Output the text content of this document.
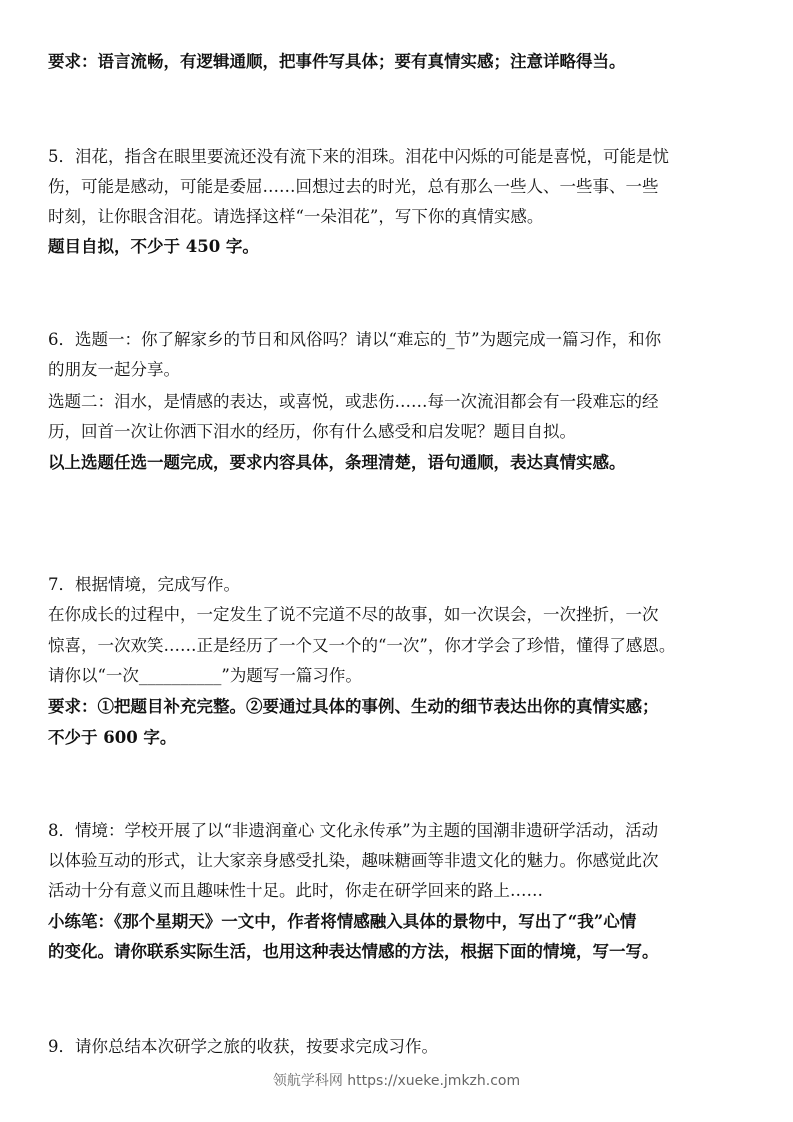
要求：语言流畅，有逻辑通顺，把事件写具体；要有真情实感；注意详略得当。
5．泪花，指含在眼里要流还没有流下来的泪珠。泪花中闪烁的可能是喜悦，可能是忧
伤，可能是感动，可能是委屈……回想过去的时光，总有那么一些人、一些事、一些
时刻，让你眼含泪花。请选择这样“一朵泪花”，写下你的真情实感。
题目自拟，不少于 450 字。
6．选题一：你了解家乡的节日和风俗吗？请以“难忘的_节”为题完成一篇习作，和你
的朋友一起分享。
选题二：泪水，是情感的表达，或喜悦，或悲伤……每一次流泪都会有一段难忘的经
历，回首一次让你洒下泪水的经历，你有什么感受和启发呢？题目自拟。
以上选题任选一题完成，要求内容具体，条理清楚，语句通顺，表达真情实感。
7．根据情境，完成写作。
在你成长的过程中，一定发生了说不完道不尽的故事，如一次误会，一次挫折，一次
惊喜，一次欢笑……正是经历了一个又一个的“一次”，你才学会了珍惜，懂得了感恩。
请你以“一次__________”为题写一篇习作。
要求：①把题目补充完整。②要通过具体的事例、生动的细节表达出你的真情实感；
不少于 600 字。
8．情境：学校开展了以“非遗润童心 文化永传承”为主题的国潮非遗研学活动，活动
以体验互动的形式，让大家亲身感受扎染，趣味糖画等非遗文化的魅力。你感觉此次
活动十分有意义而且趣味性十足。此时，你走在研学回来的路上……
小练笔：《那个星期天》一文中，作者将情感融入具体的景物中，写出了“我”心情
的变化。请你联系实际生活，也用这种表达情感的方法，根据下面的情境，写一写。
9．请你总结本次研学之旅的收获，按要求完成习作。
领航学科网 https://xueke.jmkzh.com
